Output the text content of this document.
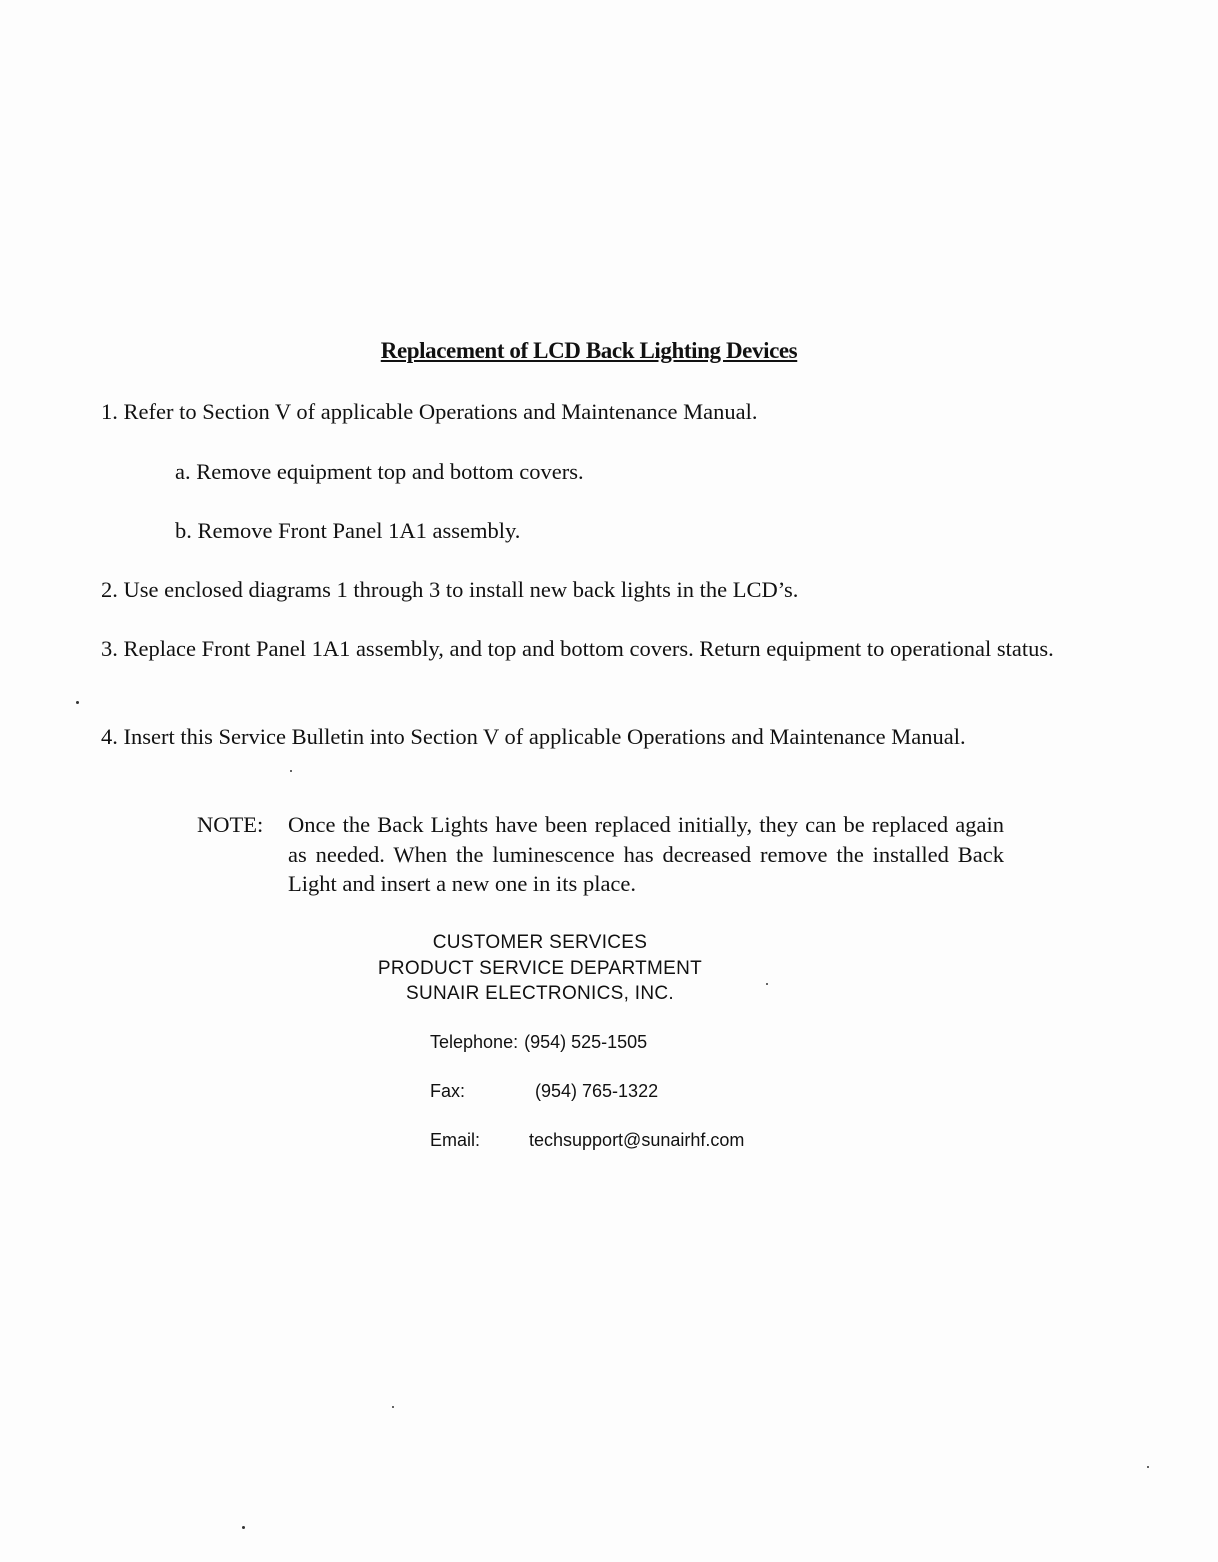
Replacement of LCD Back Lighting Devices

1. Refer to Section V of applicable Operations and Maintenance Manual.

a. Remove equipment top and bottom covers.

b. Remove Front Panel 1A1 assembly.

2. Use enclosed diagrams 1 through 3 to install new back lights in the LCD’s.

3. Replace Front Panel 1A1 assembly, and top and bottom covers. Return equipment to operational status.

4. Insert this Service Bulletin into Section V of applicable Operations and Maintenance Manual.

NOTE:	Once the Back Lights have been replaced initially, they can be replaced again as needed. When the luminescence has decreased remove the installed Back Light and insert a new one in its place.
CUSTOMER SERVICES
PRODUCT SERVICE DEPARTMENT
SUNAIR ELECTRONICS, INC.
Telephone: (954) 525-1505
Fax:	(954) 765-1322
Email:	techsupport@sunairhf.com
